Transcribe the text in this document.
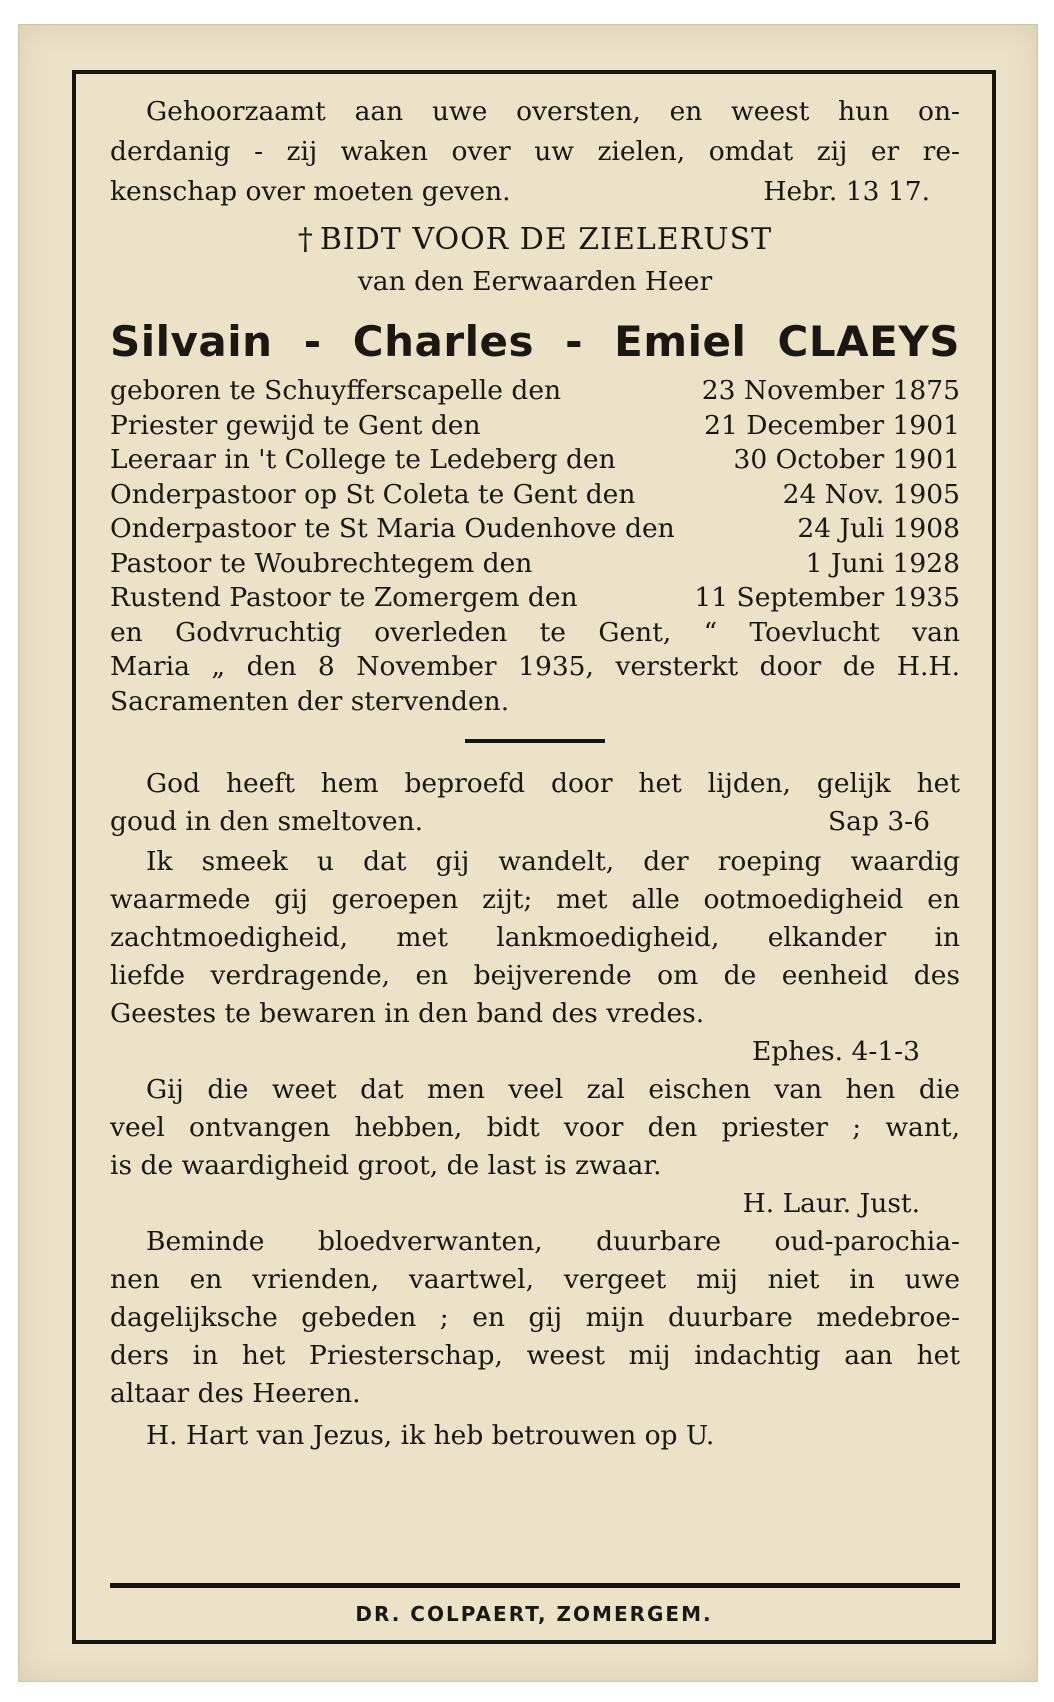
Gehoorzaamt aan uwe oversten, en weest hun on-
derdanig - zij waken over uw zielen, omdat zij er re-
kenschap over moeten geven.	Hebr. 13 17.
† BIDT VOOR DE ZIELERUST
van den Eerwaarden Heer
Silvain - Charles - Emiel CLAEYS
geboren te Schuyfferscapelle den	23 November 1875
Priester gewijd te Gent den	21 December 1901
Leeraar in 't College te Ledeberg den	30 October 1901
Onderpastoor op St Coleta te Gent den	24 Nov. 1905
Onderpastoor te St Maria Oudenhove den	24 Juli 1908
Pastoor te Woubrechtegem den	1 Juni 1928
Rustend Pastoor te Zomergem den	11 September 1935
en Godvruchtig overleden te Gent, “ Toevlucht van
Maria „ den 8 November 1935, versterkt door de H.H.
Sacramenten der stervenden.
God heeft hem beproefd door het lijden, gelijk het
goud in den smeltoven.	Sap 3-6
Ik smeek u dat gij wandelt, der roeping waardig
waarmede gij geroepen zijt; met alle ootmoedigheid en
zachtmoedigheid, met lankmoedigheid, elkander in
liefde verdragende, en beijverende om de eenheid des
Geestes te bewaren in den band des vredes.
Ephes. 4-1-3
Gij die weet dat men veel zal eischen van hen die
veel ontvangen hebben, bidt voor den priester ; want,
is de waardigheid groot, de last is zwaar.
H. Laur. Just.
Beminde bloedverwanten, duurbare oud-parochia-
nen en vrienden, vaartwel, vergeet mij niet in uwe
dagelijksche gebeden ; en gij mijn duurbare medebroe-
ders in het Priesterschap, weest mij indachtig aan het
altaar des Heeren.
H. Hart van Jezus, ik heb betrouwen op U.
DR. COLPAERT, ZOMERGEM.
